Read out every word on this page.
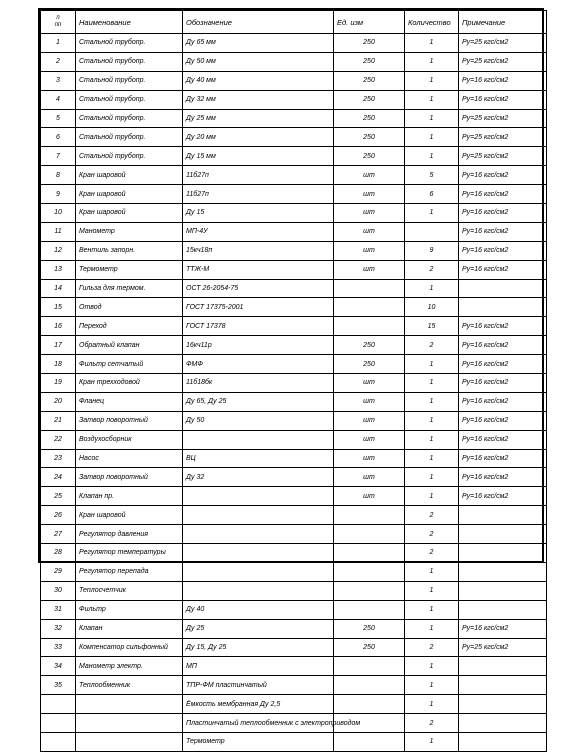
п
пп	Наименование	Обозначение	Ед. изм	Количество	Примечание
1	Стальной трубопр.	Ду 65 мм	250	1	Ру=25 кгс/см2
2	Стальной трубопр.	Ду 50 мм	250	1	Ру=25 кгс/см2
3	Стальной трубопр.	Ду 40 мм	250	1	Ру=16 кгс/см2
4	Стальной трубопр.	Ду 32 мм	250	1	Ру=16 кгс/см2
5	Стальной трубопр.	Ду 25 мм	250	1	Ру=25 кгс/см2
6	Стальной трубопр.	Ду 20 мм	250	1	Ру=25 кгс/см2
7	Стальной трубопр.	Ду 15 мм	250	1	Ру=25 кгс/см2
8	Кран шаровой	11б27п	шт	5	Ру=16 кгс/см2
9	Кран шаровой	11б27п	шт	6	Ру=16 кгс/см2
10	Кран шаровой	Ду 15	шт	1	Ру=16 кгс/см2
11	Манометр	МП-4У	шт		Ру=16 кгс/см2
12	Вентиль запорн.	15кч18п	шт	9	Ру=16 кгс/см2
13	Термометр	ТТЖ-М	шт	2	Ру=16 кгс/см2
14	Гильза для термом.	ОСТ 26-2054-75		1	
15	Отвод	ГОСТ 17375-2001		10	
16	Переход	ГОСТ 17378		15	Ру=16 кгс/см2
17	Обратный клапан	16кч11р	250	2	Ру=16 кгс/см2
18	Фильтр сетчатый	ФМФ	250	1	Ру=16 кгс/см2
19	Кран трехходовой	11б18бк	шт	1	Ру=16 кгс/см2
20	Фланец	Ду 65, Ду 25	шт	1	Ру=16 кгс/см2
21	Затвор поворотный	Ду 50	шт	1	Ру=16 кгс/см2
22	Воздухосборник		шт	1	Ру=16 кгс/см2
23	Насос	ВЦ	шт	1	Ру=16 кгс/см2
24	Затвор поворотный	Ду 32	шт	1	Ру=16 кгс/см2
25	Клапан пр.		шт	1	Ру=16 кгс/см2
26	Кран шаровой			2	
27	Регулятор давления			2	
28	Регулятор температуры			2	
29	Регулятор перепада			1	
30	Теплосчетчик			1	
31	Фильтр	Ду 40		1	
32	Клапан	Ду 25	250	1	Ру=16 кгс/см2
33	Компенсатор сильфонный	Ду 15, Ду 25	250	2	Ру=25 кгс/см2
34	Манометр электр.	МП		1	
35	Теплообменник	ТПР-ФМ пластинчатый		1	
		Ёмкость мембранная Ду 2,5		1	
		Пластинчатый теплообменник с электроприводом		2	
		Термометр		1	
